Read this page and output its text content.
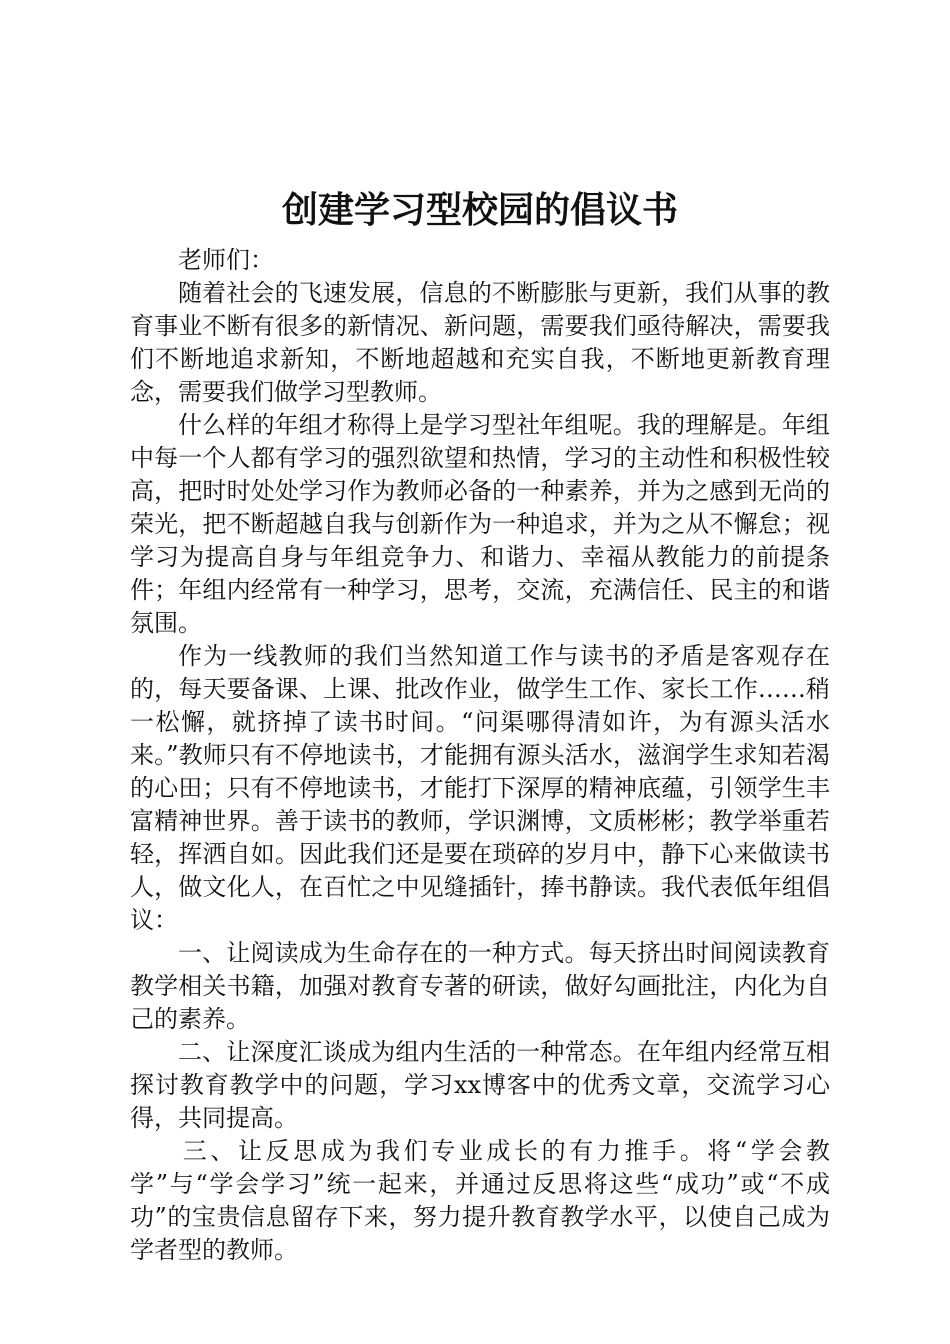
创建学习型校园的倡议书

老师们：

随着社会的飞速发展，信息的不断膨胀与更新，我们从事的教育事业不断有很多的新情况、新问题，需要我们亟待解决，需要我们不断地追求新知，不断地超越和充实自我，不断地更新教育理念，需要我们做学习型教师。

什么样的年组才称得上是学习型社年组呢。我的理解是。年组中每一个人都有学习的强烈欲望和热情，学习的主动性和积极性较高，把时时处处学习作为教师必备的一种素养，并为之感到无尚的荣光，把不断超越自我与创新作为一种追求，并为之从不懈怠；视学习为提高自身与年组竞争力、和谐力、幸福从教能力的前提条件；年组内经常有一种学习，思考，交流，充满信任、民主的和谐氛围。

作为一线教师的我们当然知道工作与读书的矛盾是客观存在的，每天要备课、上课、批改作业，做学生工作、家长工作……稍一松懈，就挤掉了读书时间。“问渠哪得清如许，为有源头活水来。”教师只有不停地读书，才能拥有源头活水，滋润学生求知若渴的心田；只有不停地读书，才能打下深厚的精神底蕴，引领学生丰富精神世界。善于读书的教师，学识渊博，文质彬彬；教学举重若轻，挥洒自如。因此我们还是要在琐碎的岁月中，静下心来做读书人，做文化人，在百忙之中见缝插针，捧书静读。我代表低年组倡议：

一、让阅读成为生命存在的一种方式。每天挤出时间阅读教育教学相关书籍，加强对教育专著的研读，做好勾画批注，内化为自己的素养。

二、让深度汇谈成为组内生活的一种常态。在年组内经常互相探讨教育教学中的问题，学习xx博客中的优秀文章，交流学习心得，共同提高。

三、让反思成为我们专业成长的有力推手。将“学会教学”与“学会学习”统一起来，并通过反思将这些“成功”或“不成功”的宝贵信息留存下来，努力提升教育教学水平，以使自己成为学者型的教师。
